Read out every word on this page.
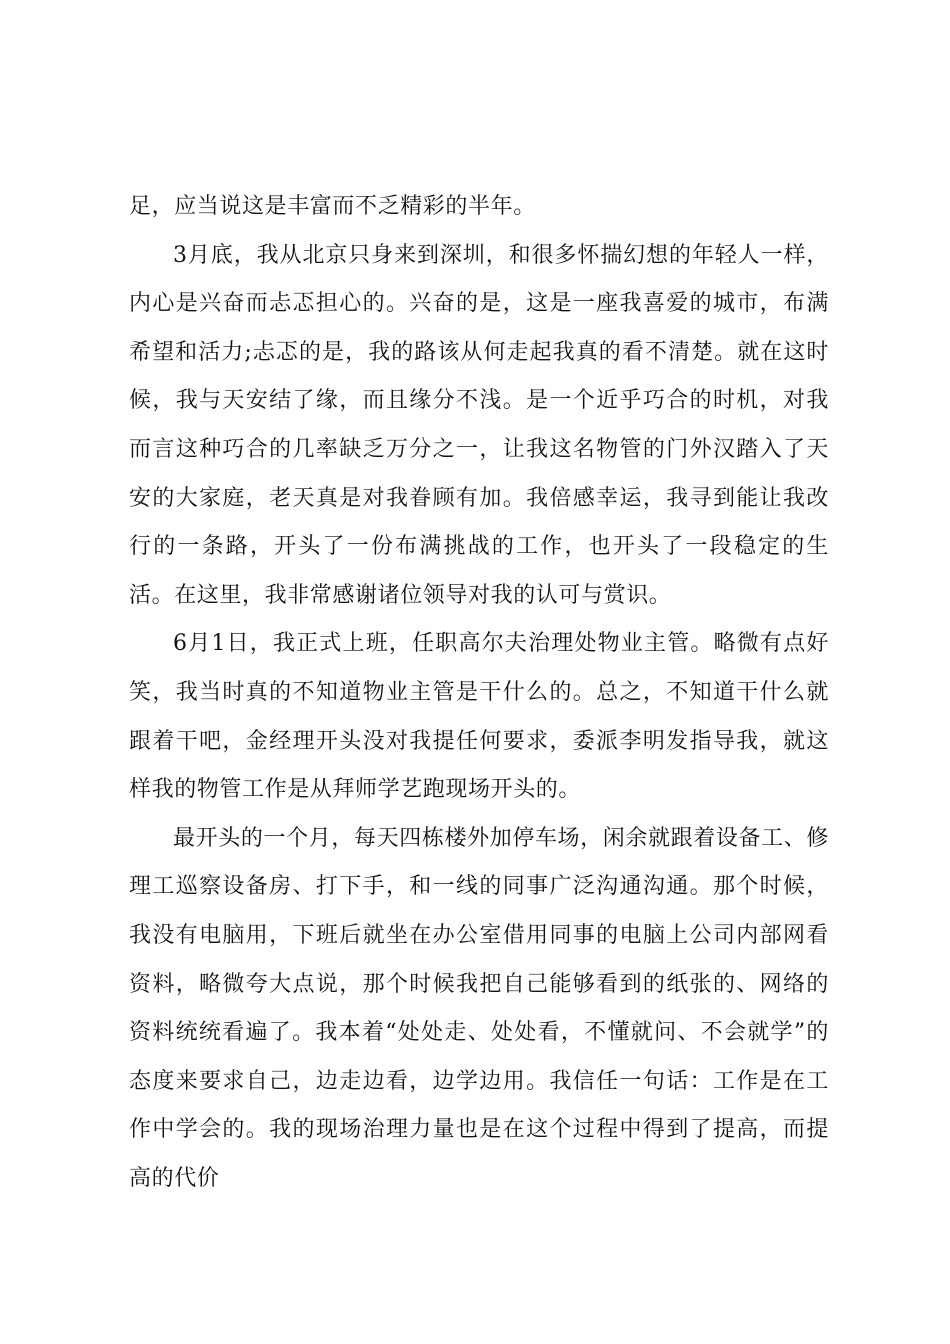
足，应当说这是丰富而不乏精彩的半年。

3月底，我从北京只身来到深圳，和很多怀揣幻想的年轻人一样，内心是兴奋而忐忑担心的。兴奋的是，这是一座我喜爱的城市，布满希望和活力;忐忑的是，我的路该从何走起我真的看不清楚。就在这时候，我与天安结了缘，而且缘分不浅。是一个近乎巧合的时机，对我而言这种巧合的几率缺乏万分之一，让我这名物管的门外汉踏入了天安的大家庭，老天真是对我眷顾有加。我倍感幸运，我寻到能让我改行的一条路，开头了一份布满挑战的工作，也开头了一段稳定的生活。在这里，我非常感谢诸位领导对我的认可与赏识。

6月1日，我正式上班，任职高尔夫治理处物业主管。略微有点好笑，我当时真的不知道物业主管是干什么的。总之，不知道干什么就跟着干吧，金经理开头没对我提任何要求，委派李明发指导我，就这样我的物管工作是从拜师学艺跑现场开头的。

最开头的一个月，每天四栋楼外加停车场，闲余就跟着设备工、修理工巡察设备房、打下手，和一线的同事广泛沟通沟通。那个时候，我没有电脑用，下班后就坐在办公室借用同事的电脑上公司内部网看资料，略微夸大点说，那个时候我把自己能够看到的纸张的、网络的资料统统看遍了。我本着“处处走、处处看，不懂就问、不会就学”的态度来要求自己，边走边看，边学边用。我信任一句话：工作是在工作中学会的。我的现场治理力量也是在这个过程中得到了提高，而提高的代价
